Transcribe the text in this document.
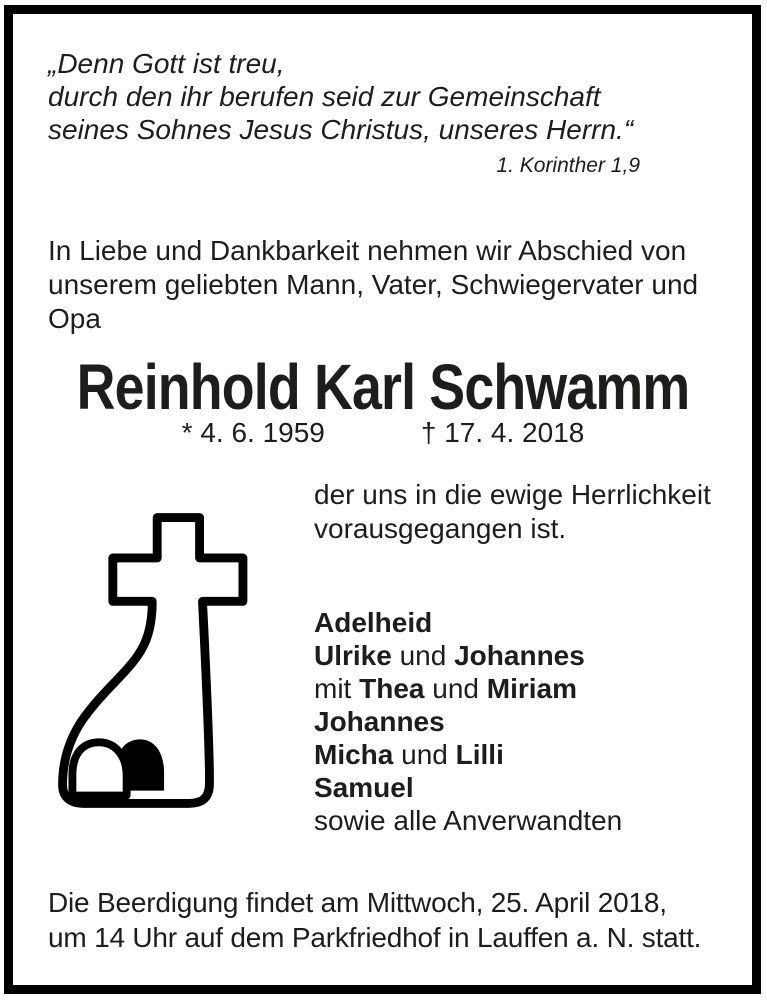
„Denn Gott ist treu,
durch den ihr berufen seid zur Gemeinschaft
seines Sohnes Jesus Christus, unseres Herrn.“
1. Korinther 1,9
In Liebe und Dankbarkeit nehmen wir Abschied von
unserem geliebten Mann, Vater, Schwiegervater und
Opa
Reinhold Karl Schwamm
* 4. 6. 1959	† 17. 4. 2018
der uns in die ewige Herrlichkeit
vorausgegangen ist.
Adelheid
Ulrike und Johannes
mit Thea und Miriam
Johannes
Micha und Lilli
Samuel
sowie alle Anverwandten
Die Beerdigung findet am Mittwoch, 25. April 2018,
um 14 Uhr auf dem Parkfriedhof in Lauffen a. N. statt.
